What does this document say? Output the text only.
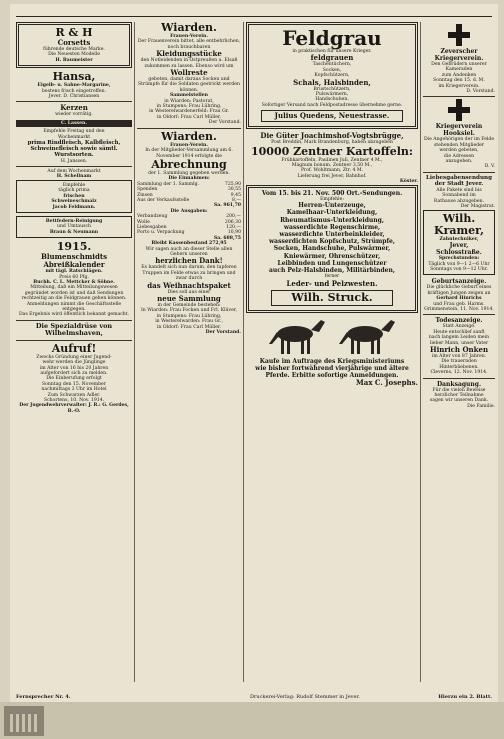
R & H
Corsetts
führende deutsche Marke.
Die Neuesten Modelle
H. Baumeister
Hansa,
Eigelb- u. Sahne-Margarine,
bestens frisch eingetroffen.
Jever. D. Christiansen
Kerzen
wieder vorrätig.
C. Lassen.
Empfehle Freitag und den
Wochenmarkt
prima Rindfleisch, Kalbfleisch, Schweinefleisch sowie sämtl. Wurstsorten.
H. Janssen.
Auf dem Wochenmarkt
H. Schellnam
Empfehle
täglich prima
frischen
Schweineschmalz
Jacob Feldmann.
Bettfedern-Reinigung
und Umtausch
Braun & Neumann
1915.
Blumenschmidts Abreißkalender
mit tägl. Ratschlägen.
Preis 60 Pfg.
Buchh. C. L. Mettcker & Söhne.
Mitteilung, daß ein Mitteilungswesen
gegründet worden ist und daß Sendungen
rechtzeitig an die Feldgrauen gehen können.
Anmeldungen nimmt die Geschäftsstelle entgegen.
Das Ergebnis wird öffentlich bekannt gemacht.
Die Spezialdrüse von Wilhelmshaven,
Aufruf!
Zwecks Gründung einer Jugend-
wehr werden die Jünglinge
im Alter von 16 bis 20 Jahren
aufgefordert sich zu melden.
Die Einberufung erfolgt
Sonntag den 15. November
nachmittags 3 Uhr im Hotel
Zum Schwarzen Adler.
Schortens, 10. Nov. 1914.
Der Jugendwehrverwalter: J. R.: G. Gerdes, B.-O.
Wiarden.
Frauen-Verein.
Der Frauenverein bittet, alle entbehrlichen, noch brauchbaren
Kleidungsstücke
den Notleidenden in Ostpreußen u. Elsaß zukommen zu lassen. Ebenso wird um
Wollreste
gebeten, damit daraus Socken und Strümpfe für die Soldaten gestrickt werden können.
Sammelstellen
in Wiarden: Pastorat,
in Stumpens: Frau Lühring,
in Westerelwardenerfeld: Frau Gr.
in Oldorf: Frau Carl Müller.
Der Vorstand.
Wiarden.
Frauen-Verein.
In der Mitglieder-Versammlung am 6. November 1914 erfolgte die
Abrechnung
der 1. Sammlung gegeben werden.
Die Einnahmen:
Sammlung der 1. Sammlg.	725,90
Spenden	30,55
Zinsen	9,45
Aus der Verkaufsstelle	8,—
Sa. 961,70
Die Ausgaben:
Verbandzeug	200,—
Wolle	206,30
Liebesgaben	120,—
Porto u. Verpackung	10,90
Sa. 688,75
Bleibt Kassenbestand 272,95
Wir sagen auch an dieser Stelle allen Gebern unseren
herzlichen Dank!
Es handelt sich nun darum, den tapferen Truppen im Felde etwas zu bringen und zwar durch
das Weihnachtspaket
Dies soll aus einer
neue Sammlung
in der Gemeinde bestehen:
In Wiarden: Frau Focken und Frl. Klüver,
in Stumpens: Frau Lühring,
in Westerelwarden: Frau Gr.,
in Oldorf: Frau Carl Müller.
Der Vorstand.
Feldgrau
in praktischen für unsere Krieger.
feldgrauen
Taschentüchern,
Socken,
Kopfschützern,
Schals, Halsbinden,
Brustschützern,
Pulswärmern,
Handschuhen.
Sofortiger Versand nach Feldpostadresse übernehme gerne.
Julius Quedens, Neuestrasse.
Die Güter Joachimshof-Vogtsbrügge,
Post Breddin, Mark Brandenburg, haben abzugeben
10000 Zentner Kartoffeln:
Frühkartoffeln, Paulinen Juli, Zentner 4 M.,
Magnum bonum, Zentner 3,50 M.,
Prof. Wohltmann, Ztr. 4 M.
Lieferung frei Jever, Bahnhof.
Köster.
Vom 15. bis 21. Nov. 500 Ort.-Sendungen.
Empfehle:
Herren-Unterzeuge,
Kamelhaar-Unterkleidung,
Rheumatismus-Unterkleidung,
wasserdichte Regenschirme,
wasserdichte Unterbeinkleider,
wasserdichten Kopfschutz, Strümpfe,
Socken, Handschuhe, Pulswärmer,
Kniewärmer, Ohrenschützer,
Leibbinden und Lungenschützer
auch Pelz-Halsbinden, Militärbinden,
ferner
Leder- und Pelzwesten.
Wilh. Struck.

Kaufe im Auftrage des Kriegsministeriums
wie bisher fortwährend vierjährige und ältere
Pferde. Erbitte sofortige Anmeldungen.
Max C. Josephs.
Zeverscher Kriegerverein.
Den Gebrüdern unserer
Kameraden
zum Andenken
Sonntag den 15. d. M.
im Kriegerverein.
D. Vorstand.
Kriegerverein Hooksiel.
Die Angehörigen der im Felde stehenden Mitglieder
werden gebeten,
die Adressen
anzugeben.
D. V.
Liebesgabensendung der Stadt Jever.
Alle Pakete sind bis
Sonnabend im
Rathause abzugeben.
Der Magistrat.
Wilh. Kramer,
Zahntechniker,
Jever, Schlosstraße.
Sprechstunden:
Täglich von 9—1 2—6 Uhr
Sonntags von 9—12 Uhr.
Geburtsanzeige.
Die glückliche Geburt eines
kräftigen Jungen zeigen an
Gerhard Hinrichs
und Frau geb. Harms.
Grimmenstein, 11. Nov. 1914.
Todesanzeige.
Statt Anzeige.
Heute entschlief sanft
nach langem Leiden mein
lieber Mann, unser Vater
Hinrich Onken
im Alter von 87 Jahren.
Die trauernden Hinterbliebenen.
Cleverns, 12. Nov. 1914.
Danksagung.
Für die vielen Beweise
herzlicher Teilnahme
sagen wir unseren Dank.
Die Familie.
Fernsprecher Nr. 4.	Druckerei-Verlag: Rudolf Stemmer in Jever.	Hierzu ein 2. Blatt.
